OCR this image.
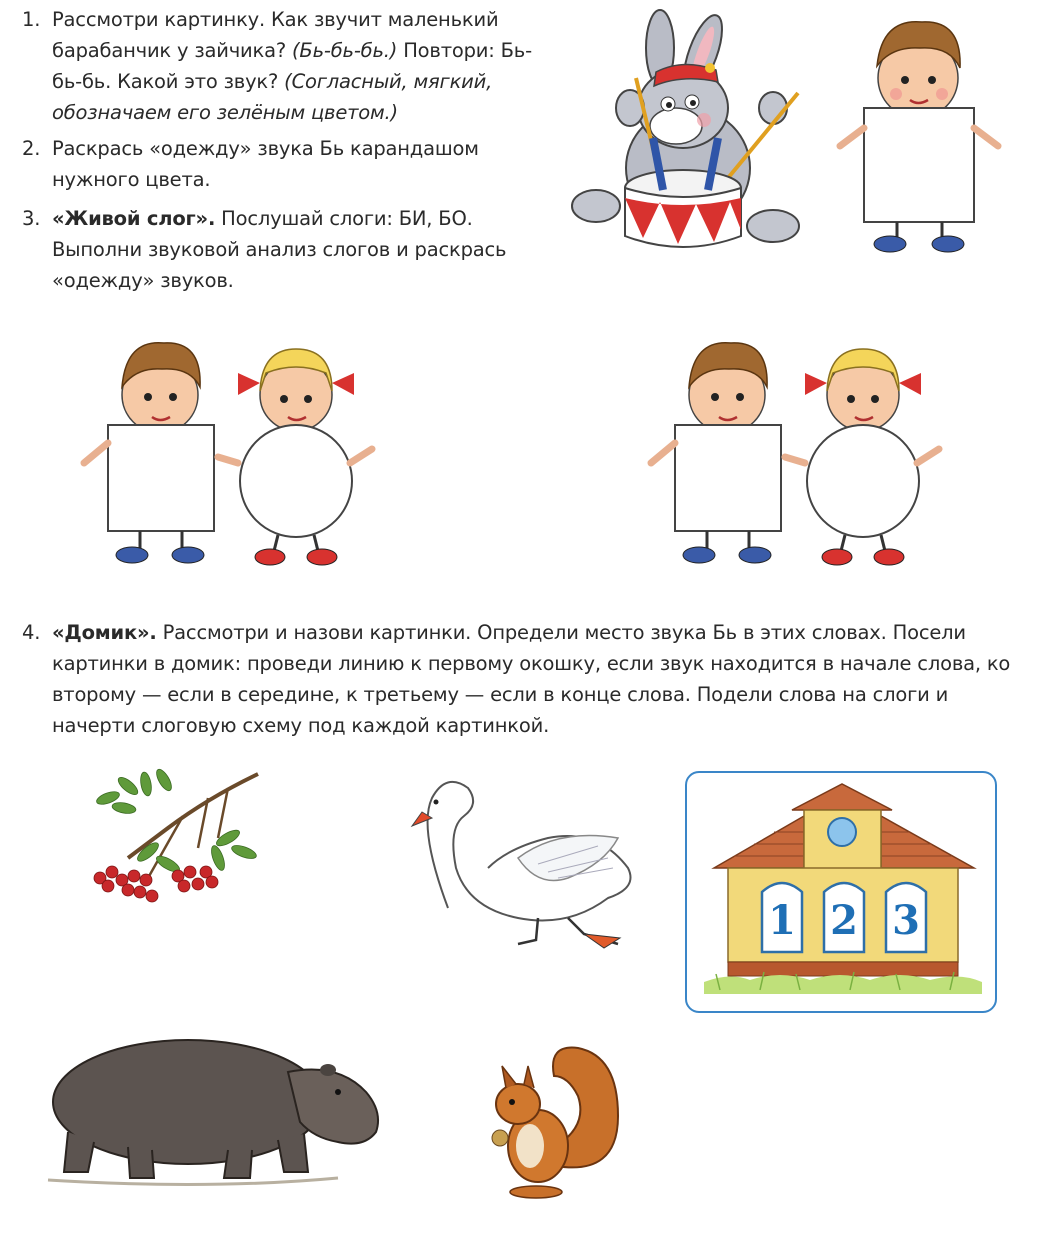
1. Рассмотри картинку. Как звучит маленький барабанчик у зайчика? (Бь-бь-бь.) Повтори: Бь-бь-бь. Какой это звук? (Согласный, мягкий, обозначаем его зелёным цветом.)
2. Раскрась «одежду» звука Бь карандашом нужного цвета.
3. «Живой слог». Послушай слоги: БИ, БО. Выполни звуковой анализ слогов и раскрась «одежду» звуков.
4. «Домик». Рассмотри и назови картинки. Определи место звука Бь в этих словах. Посели картинки в домик: проведи линию к первому окошку, если звук находится в начале слова, ко второму — если в середине, к третьему — если в конце слова. Подели слова на слоги и начерти слоговую схему под каждой картинкой.
1 2 3
